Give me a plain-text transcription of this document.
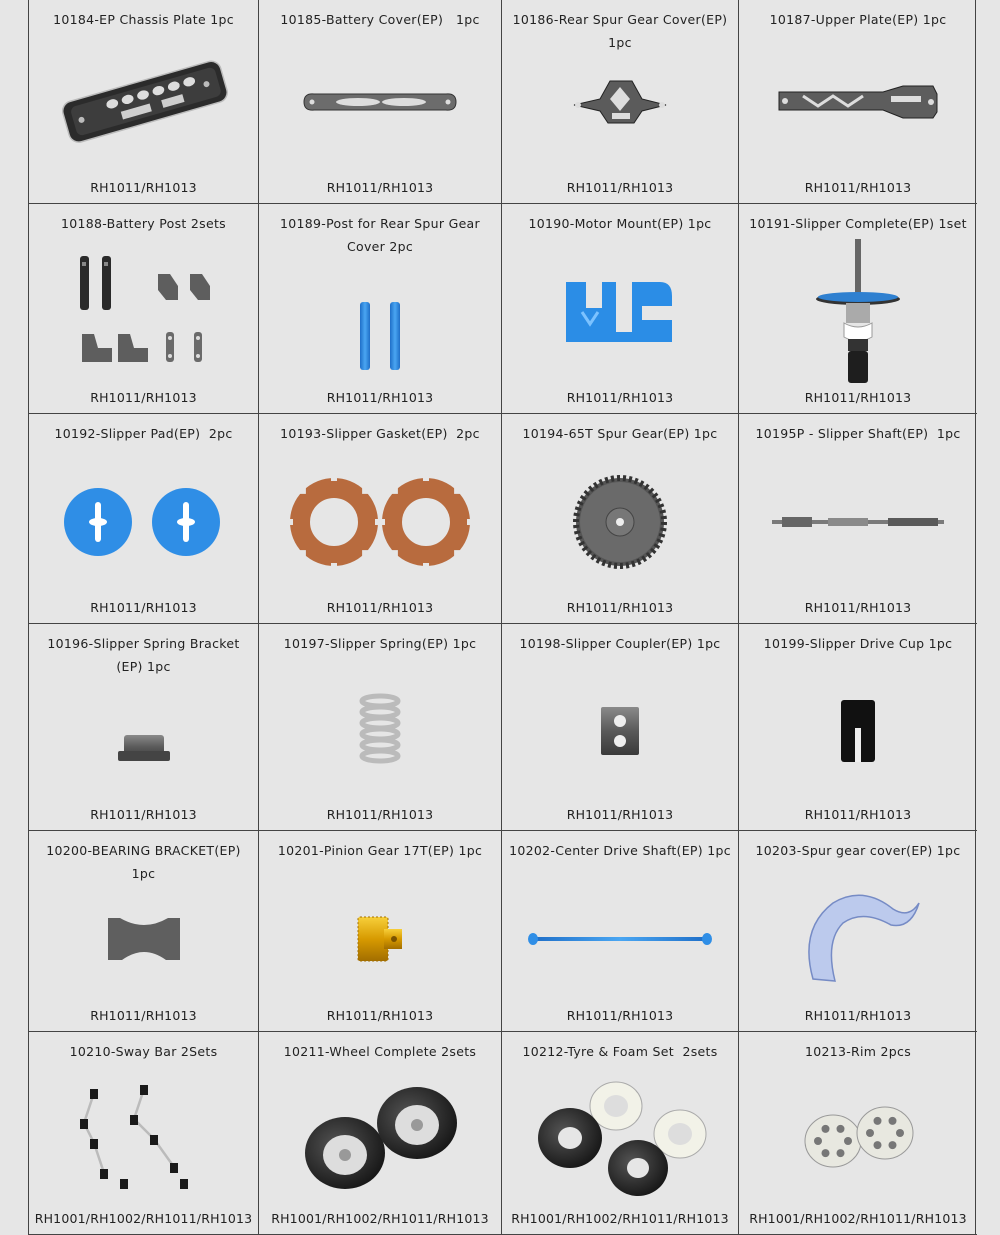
10184-EP Chassis Plate 1pc
RH1011/RH1013
10185-Battery Cover(EP)   1pc
RH1011/RH1013
10186-Rear Spur Gear Cover(EP) 1pc
RH1011/RH1013
10187-Upper Plate(EP) 1pc
RH1011/RH1013
10188-Battery Post 2sets
RH1011/RH1013
10189-Post for Rear Spur Gear
Cover 2pc
RH1011/RH1013
10190-Motor Mount(EP) 1pc
RH1011/RH1013
10191-Slipper Complete(EP) 1set
RH1011/RH1013
10192-Slipper Pad(EP)  2pc
RH1011/RH1013
10193-Slipper Gasket(EP)  2pc
RH1011/RH1013
10194-65T Spur Gear(EP) 1pc
RH1011/RH1013
10195P - Slipper Shaft(EP)  1pc
RH1011/RH1013
10196-Slipper Spring Bracket
(EP) 1pc
RH1011/RH1013
10197-Slipper Spring(EP) 1pc
RH1011/RH1013
10198-Slipper Coupler(EP) 1pc
RH1011/RH1013
10199-Slipper Drive Cup 1pc
RH1011/RH1013
10200-BEARING BRACKET(EP)  1pc
RH1011/RH1013
10201-Pinion Gear 17T(EP) 1pc
RH1011/RH1013
10202-Center Drive Shaft(EP) 1pc
RH1011/RH1013
10203-Spur gear cover(EP) 1pc
RH1011/RH1013
10210-Sway Bar 2Sets
RH1001/RH1002/RH1011/RH1013
10211-Wheel Complete 2sets
RH1001/RH1002/RH1011/RH1013
10212-Tyre & Foam Set  2sets
RH1001/RH1002/RH1011/RH1013
10213-Rim 2pcs
RH1001/RH1002/RH1011/RH1013
